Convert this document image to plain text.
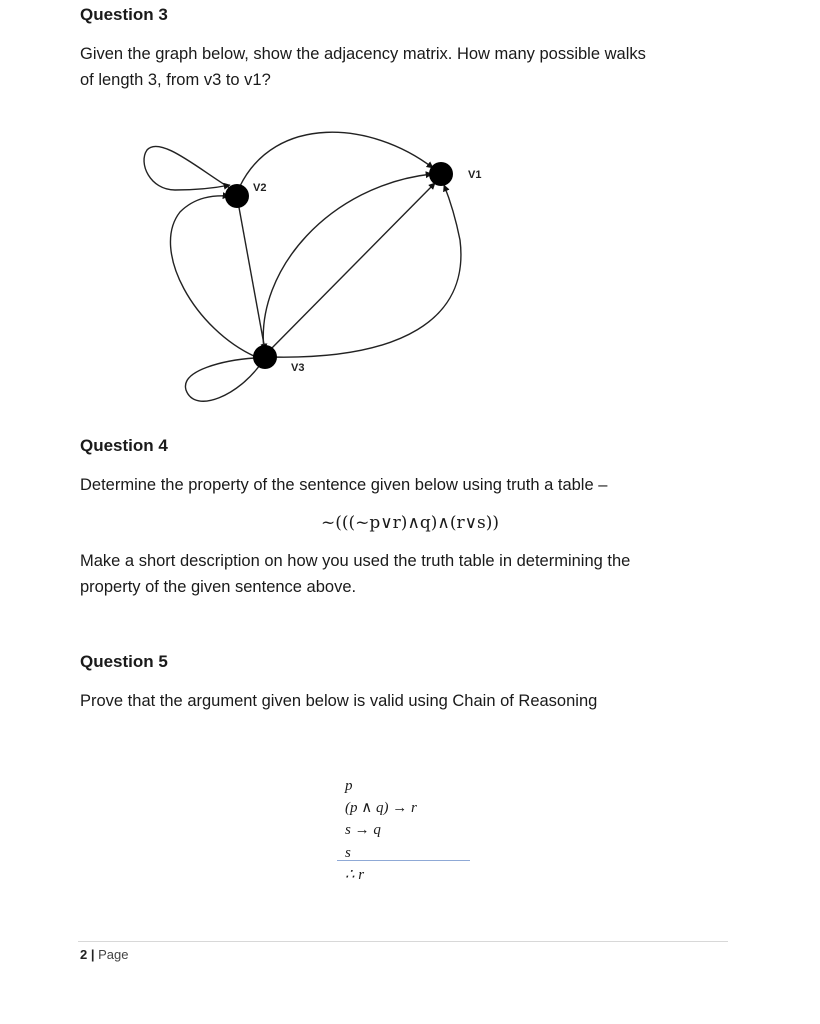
Question 3
Given the graph below, show the adjacency matrix. How many possible walks
of length 3, from v3 to v1?
V1
V2
V3
Question 4
Determine the property of the sentence given below using truth a table –
~(((~p∨r)∧q)∧(r∨s))
Make a short description on how you used the truth table in determining the
property of the given sentence above.
Question 5
Prove that the argument given below is valid using Chain of Reasoning
p
(p ∧ q) → r
s → q
s
∴ r
2 | Page
